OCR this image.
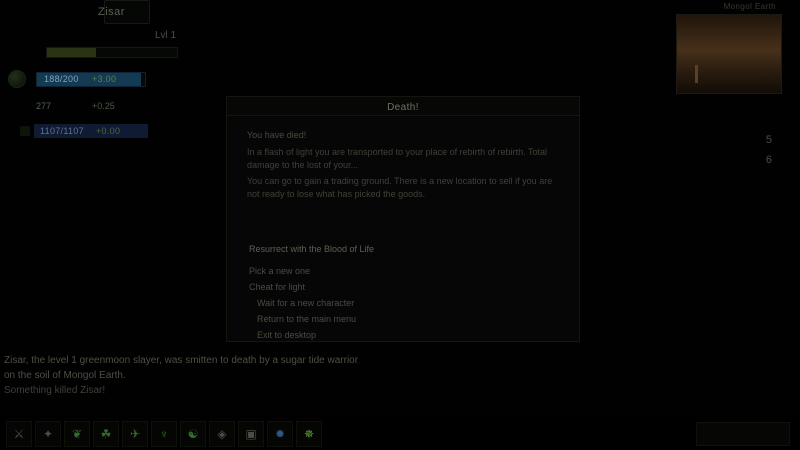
Zisar
Lvl 1
188/200 +3.00
277	+0.25
1107/1107 +0.00
Mongol Earth
5
6
Death!
You have died!

In a flash of light you are transported to your place of rebirth of rebirth. Total damage to the lost of your...

You can go to gain a trading ground. There is a new location to sell if you are not ready to lose what has picked the goods.

Resurrect with the Blood of Life
Pick a new one
Cheat for light
Wait for a new character
Return to the main menu
Exit to desktop
Zisar, the level 1 greenmoon slayer, was smitten to death by a sugar tide warrior
on the soil of Mongol Earth.
Something killed Zisar!
⚔	✦	❦	☘	✈	♆	☯	◈	▣	✹	✵
